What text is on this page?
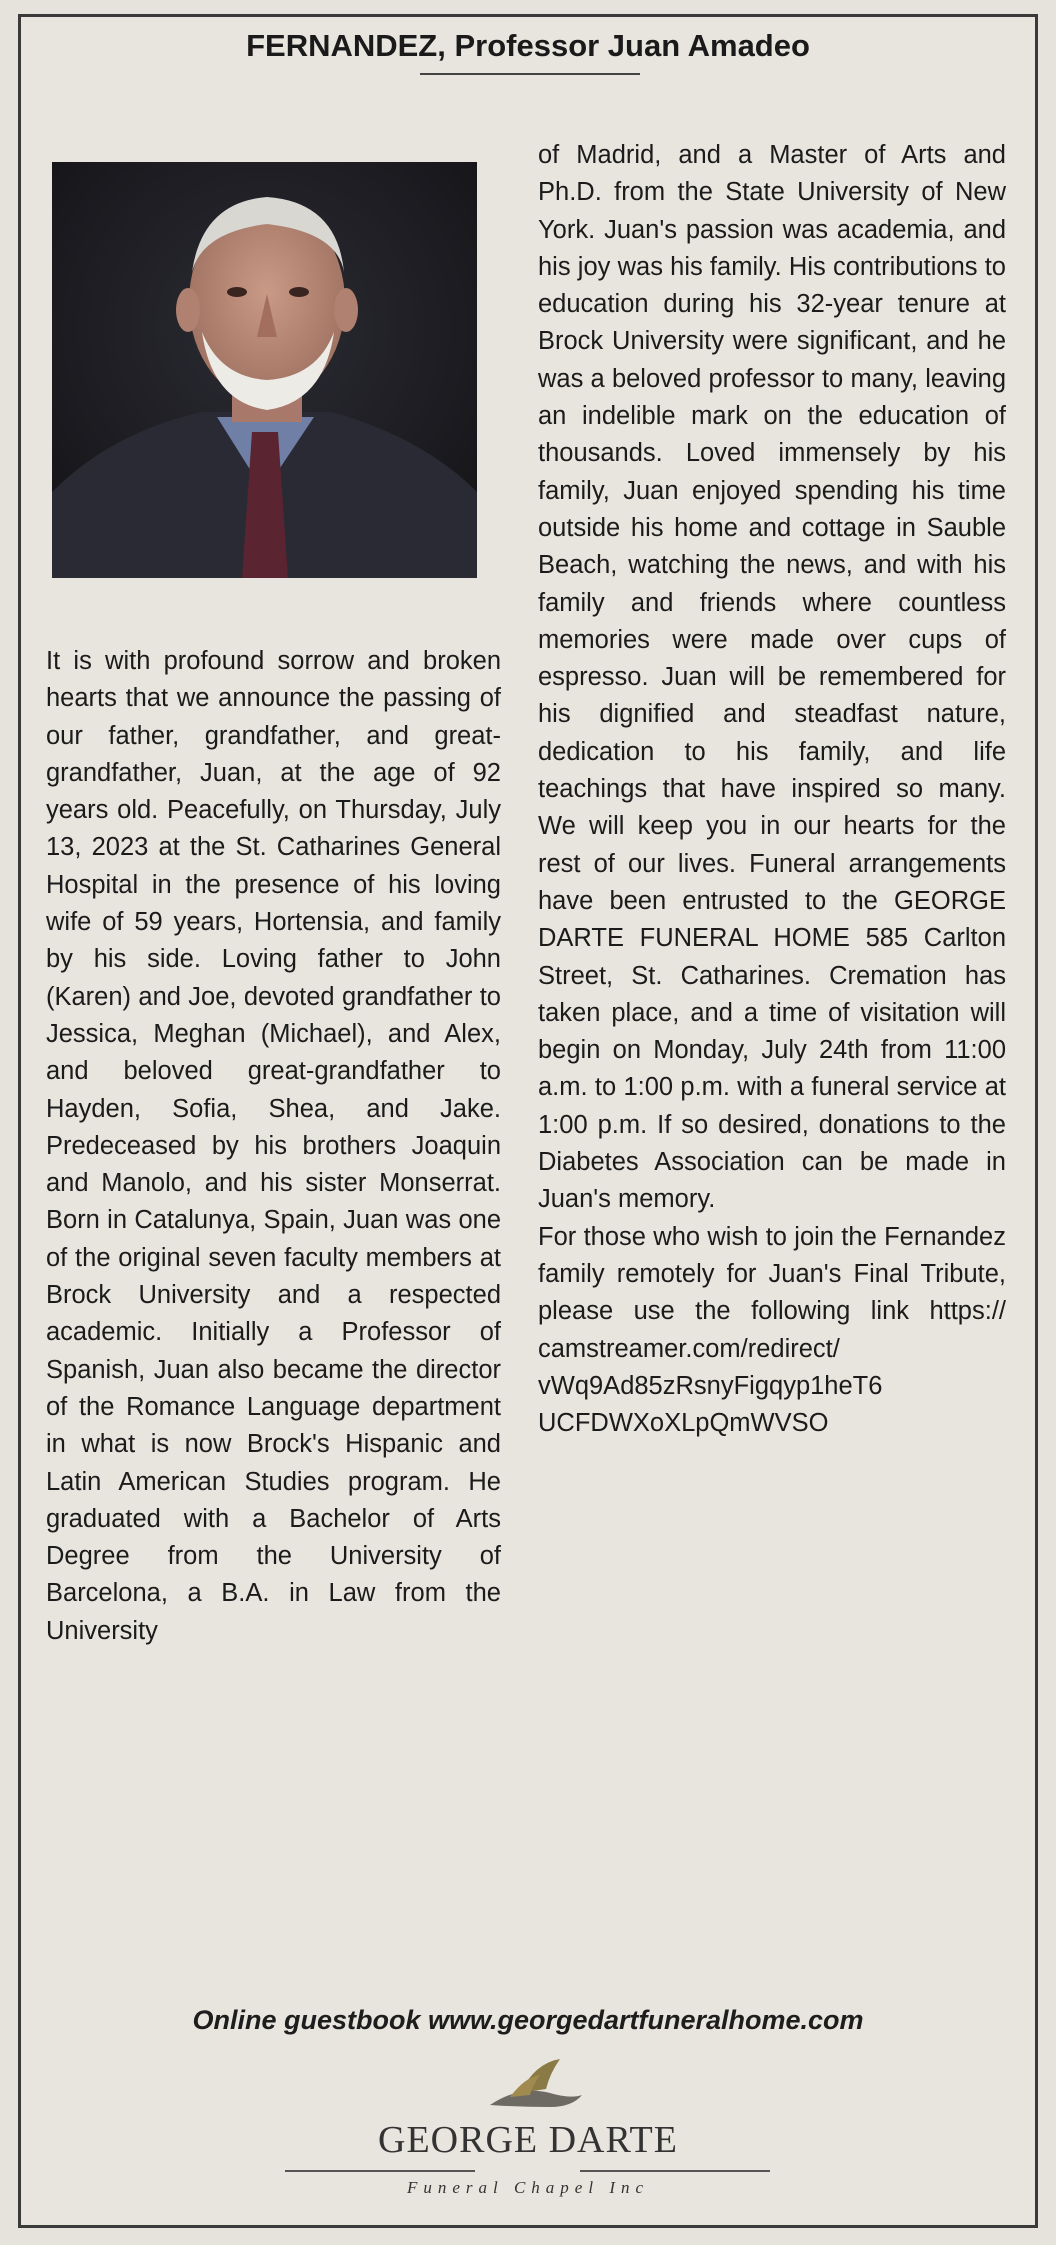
FERNANDEZ, Professor Juan Amadeo

It is with profound sorrow and broken hearts that we announce the passing of our father, grandfather, and great-grandfather, Juan, at the age of 92 years old. Peacefully, on Thursday, July 13, 2023 at the St. Catharines General Hospital in the presence of his loving wife of 59 years, Hortensia, and family by his side. Loving father to John (Karen) and Joe, devoted grandfather to Jessica, Meghan (Michael), and Alex, and beloved great-grandfather to Hayden, Sofia, Shea, and Jake. Predeceased by his brothers Joaquin and Manolo, and his sister Monserrat. Born in Catalunya, Spain, Juan was one of the original seven faculty members at Brock University and a respected academic. Initially a Professor of Spanish, Juan also became the director of the Romance Language department in what is now Brock's Hispanic and Latin American Studies program. He graduated with a Bachelor of Arts Degree from the University of Barcelona, a B.A. in Law from the University

of Madrid, and a Master of Arts and Ph.D. from the State University of New York. Juan's passion was academia, and his joy was his family. His contributions to education during his 32-year tenure at Brock University were significant, and he was a beloved professor to many, leaving an indelible mark on the education of thousands. Loved immensely by his family, Juan enjoyed spending his time outside his home and cottage in Sauble Beach, watching the news, and with his family and friends where countless memories were made over cups of espresso. Juan will be remembered for his dignified and steadfast nature, dedication to his family, and life teachings that have inspired so many. We will keep you in our hearts for the rest of our lives. Funeral arrangements have been entrusted to the GEORGE DARTE FUNERAL HOME 585 Carlton Street, St. Catharines. Cremation has taken place, and a time of visitation will begin on Monday, July 24th from 11:00 a.m. to 1:00 p.m. with a funeral service at 1:00 p.m. If so desired, donations to the Diabetes Association can be made in Juan's memory.
For those who wish to join the Fernandez family remotely for Juan's Final Tribute, please use the following link https:// camstreamer.com/redirect/ vWq9Ad85zRsnyFigqyp1heT6 UCFDWXoXLpQmWVSO
Online guestbook www.georgedartfuneralhome.com
GEORGE DARTE
Funeral Chapel Inc
